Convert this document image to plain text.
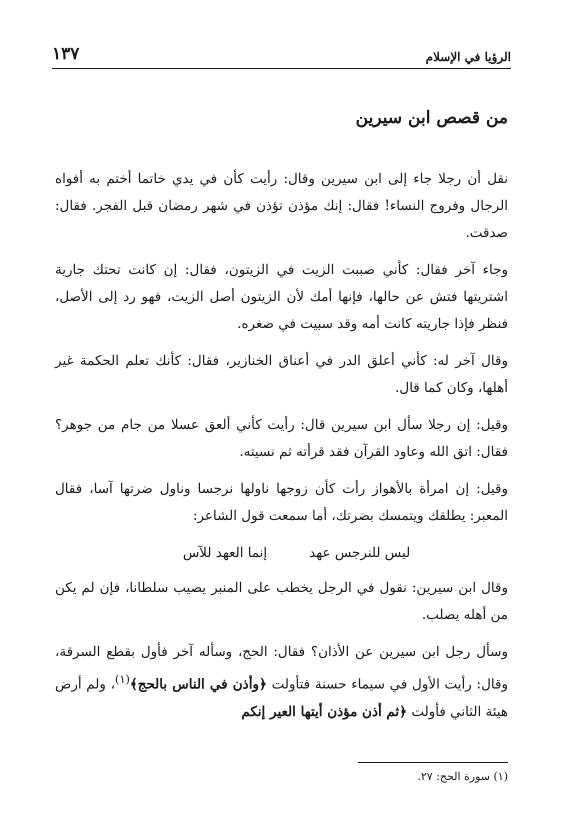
الرؤيا في الإسلام
١٣٧
من قصص ابن سيرين

نقل أن رجلا جاء إلى ابن سيرين وقال: رأيت كأن في يدي خاتما أختم به أفواه الرجال وفروج النساء! فقال: إنك مؤذن تؤذن في شهر رمضان قبل الفجر. فقال: صدقت.

وجاء آخر فقال: كأني صببت الزيت في الزيتون، فقال: إن كانت تحتك جارية اشتريتها فتش عن حالها، فإنها أمك لأن الزيتون أصل الزيت، فهو رد إلى الأصل، فنظر فإذا جاريته كانت أمه وقد سبيت في صغره.

وقال آخر له: كأني أعلق الدر في أعناق الخنازير، فقال: كأنك تعلم الحكمة غير أهلها، وكان كما قال.

وقيل: إن رجلا سأل ابن سيرين قال: رأيت كأني ألعق عسلا من جام من جوهر؟ فقال: اتق الله وعاود القرآن فقد قرأته ثم نسيته.

وقيل: إن امرأة بالأهواز رأت كأن زوجها ناولها نرجسا وناول ضرتها آسا، فقال المعبر: يطلقك ويتمسك بضرتك، أما سمعت قول الشاعر:

ليس للنرجس عهد
إنما العهد للآس

وقال ابن سيرين: نقول في الرجل يخطب على المنبر يصيب سلطانا، فإن لم يكن من أهله يصلب.

وسأل رجل ابن سيرين عن الأذان؟ فقال: الحج، وسأله آخر فأول بقطع السرقة، وقال: رأيت الأول في سيماء حسنة فتأولت ﴿وأذن في الناس بالحج﴾$^{(١)}$، ولم أرض هيئة الثاني فأولت ﴿ثم أذن مؤذن أيتها العير إنكم

(١) سورة الحج: ٢٧.
